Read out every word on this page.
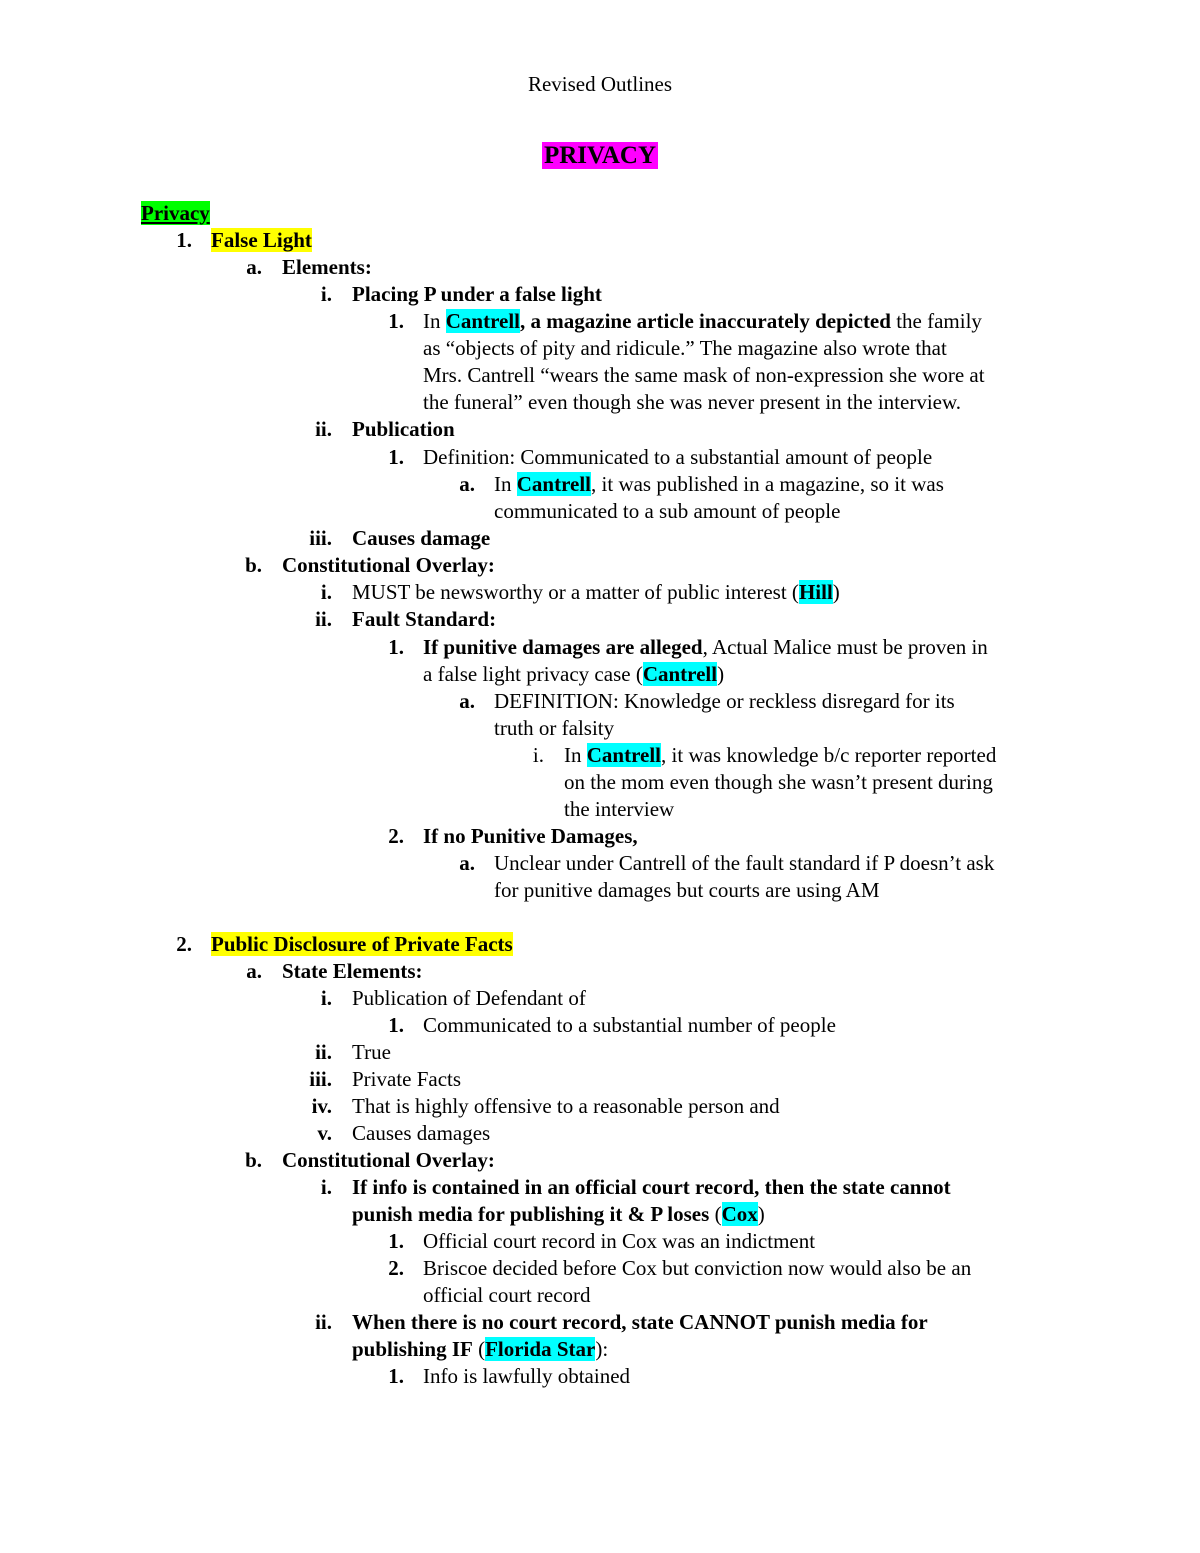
Revised Outlines
PRIVACY
Privacy
1. False Light
a. Elements:
i. Placing P under a false light
1. In Cantrell, a magazine article inaccurately depicted the family
as “objects of pity and ridicule.” The magazine also wrote that
Mrs. Cantrell “wears the same mask of non-expression she wore at
the funeral” even though she was never present in the interview.
ii. Publication
1. Definition: Communicated to a substantial amount of people
a. In Cantrell, it was published in a magazine, so it was
communicated to a sub amount of people
iii. Causes damage
b. Constitutional Overlay:
i. MUST be newsworthy or a matter of public interest (Hill)
ii. Fault Standard:
1. If punitive damages are alleged, Actual Malice must be proven in
a false light privacy case (Cantrell)
a. DEFINITION: Knowledge or reckless disregard for its
truth or falsity
i. In Cantrell, it was knowledge b/c reporter reported
on the mom even though she wasn’t present during
the interview
2. If no Punitive Damages,
a. Unclear under Cantrell of the fault standard if P doesn’t ask
for punitive damages but courts are using AM
2. Public Disclosure of Private Facts
a. State Elements:
i. Publication of Defendant of
1. Communicated to a substantial number of people
ii. True
iii. Private Facts
iv. That is highly offensive to a reasonable person and
v. Causes damages
b. Constitutional Overlay:
i. If info is contained in an official court record, then the state cannot
punish media for publishing it & P loses (Cox)
1. Official court record in Cox was an indictment
2. Briscoe decided before Cox but conviction now would also be an
official court record
ii. When there is no court record, state CANNOT punish media for
publishing IF (Florida Star):
1. Info is lawfully obtained
